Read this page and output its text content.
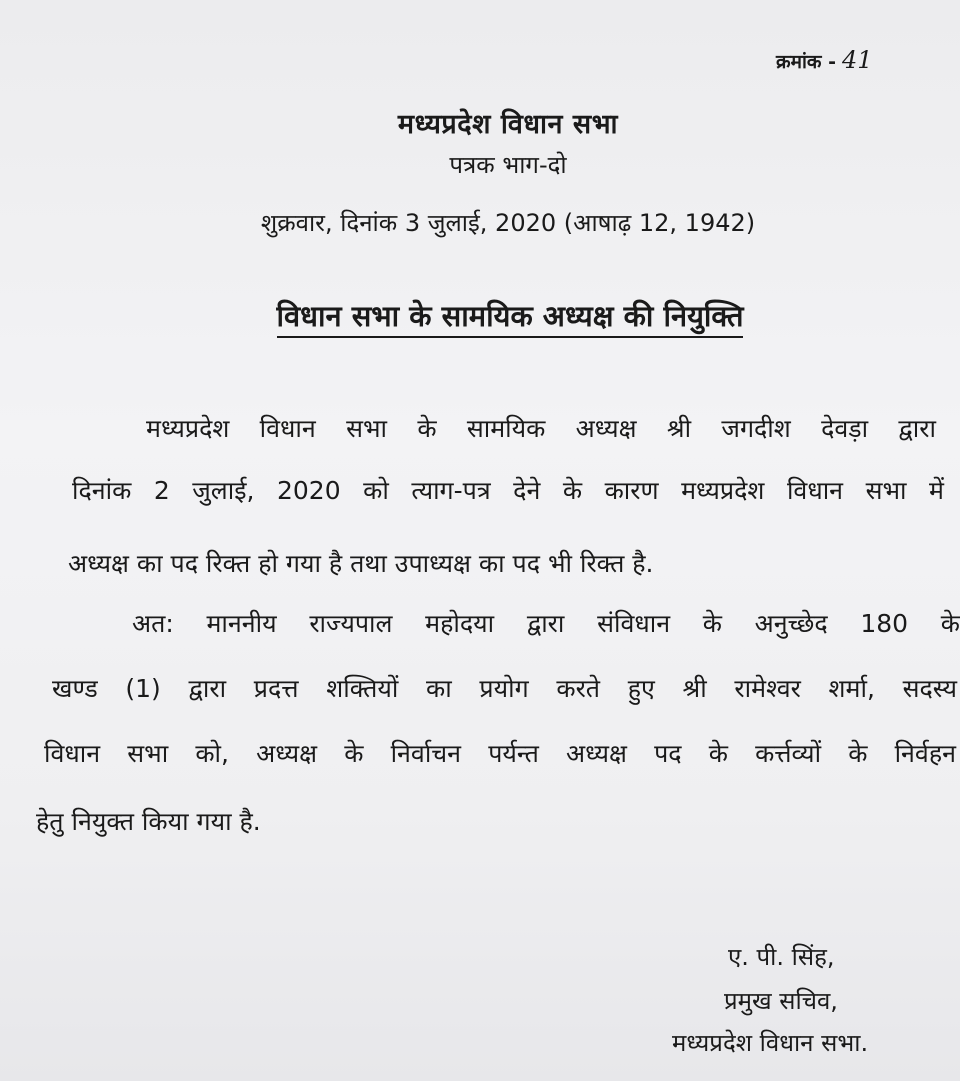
क्रमांक - 41
मध्यप्रदेश विधान सभा
पत्रक भाग-दो
शुक्रवार, दिनांक 3 जुलाई, 2020 (आषाढ़ 12, 1942)
विधान सभा के सामयिक अध्यक्ष की नियुक्ति
मध्यप्रदेश विधान सभा के सामयिक अध्यक्ष श्री जगदीश देवड़ा द्वारा
दिनांक 2 जुलाई, 2020 को त्याग-पत्र देने के कारण मध्यप्रदेश विधान सभा में
अध्यक्ष का पद रिक्त हो गया है तथा उपाध्यक्ष का पद भी रिक्त है.
अत: माननीय राज्यपाल महोदया द्वारा संविधान के अनुच्छेद 180 के
खण्ड (1) द्वारा प्रदत्त शक्तियों का प्रयोग करते हुए श्री रामेश्वर शर्मा, सदस्य
विधान सभा को, अध्यक्ष के निर्वाचन पर्यन्त अध्यक्ष पद के कर्त्तव्यों के निर्वहन
हेतु नियुक्त किया गया है.
ए. पी. सिंह,
प्रमुख सचिव,
मध्यप्रदेश विधान सभा.
